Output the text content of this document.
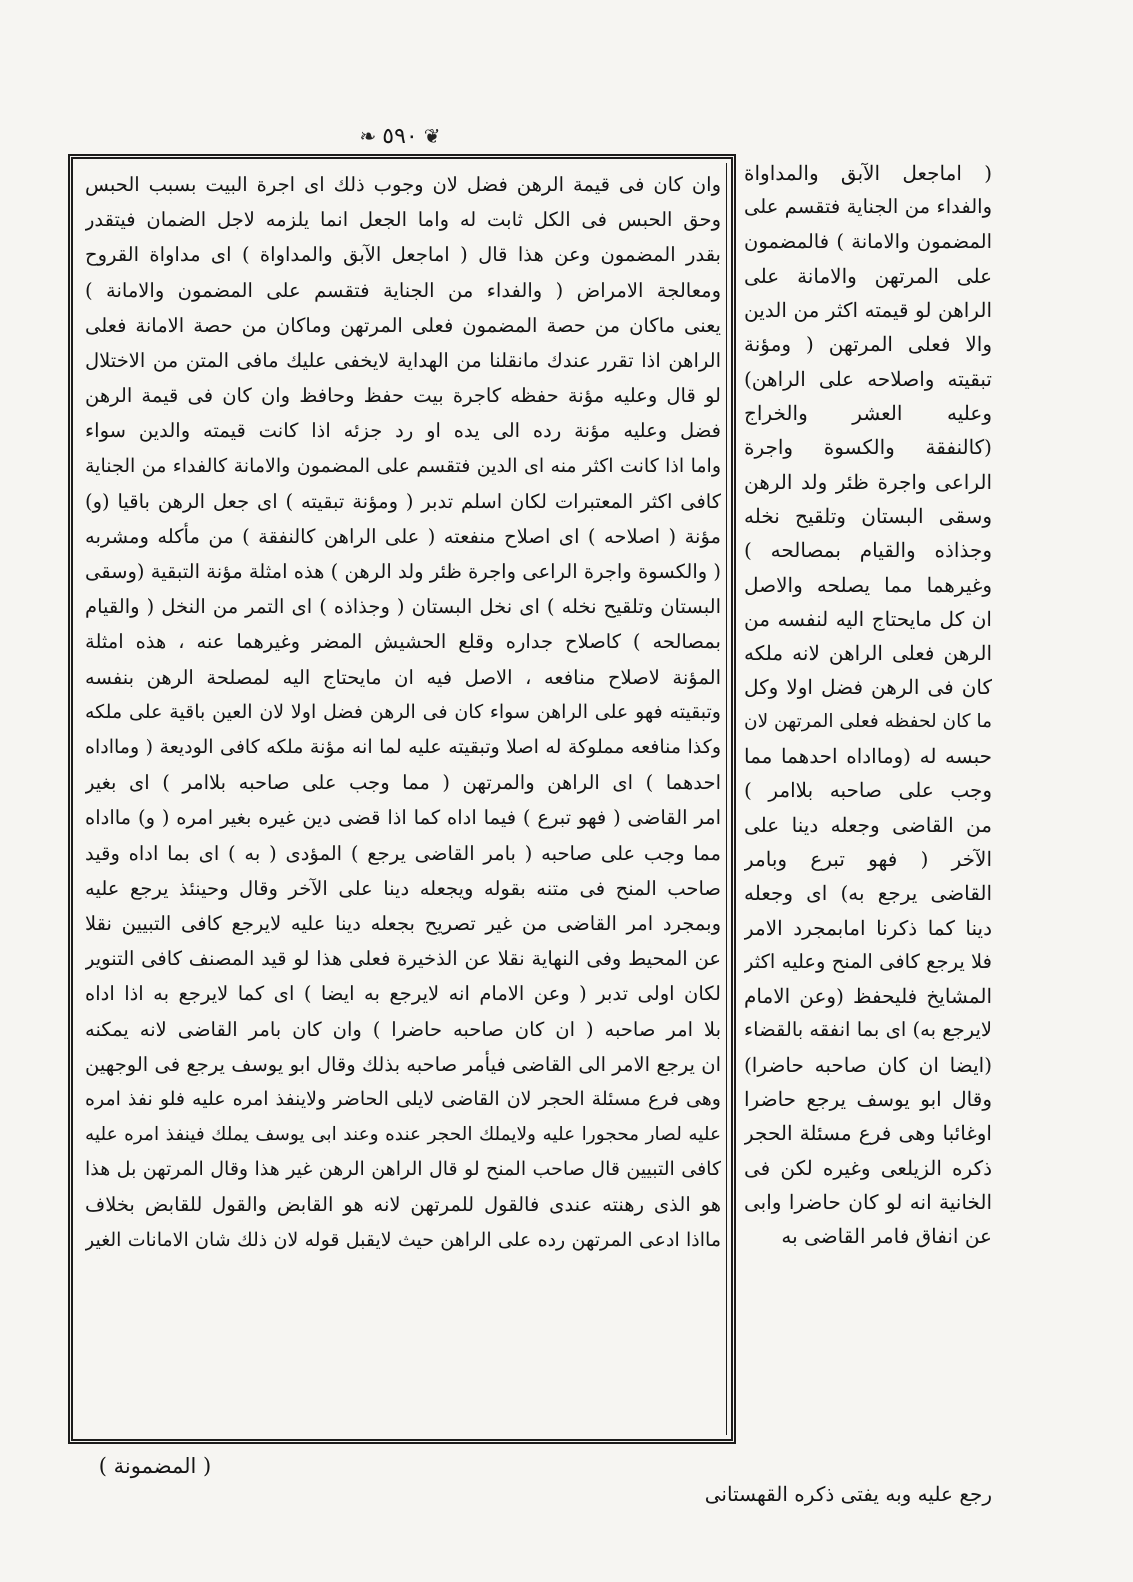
❦
٥٩٠
❧
وان كان فى قيمة الرهن فضل لان وجوب ذلك اى اجرة البيت بسبب الحبس
وحق الحبس فى الكل ثابت له واما الجعل انما يلزمه لاجل الضمان فيتقدر
بقدر المضمون وعن هذا قال ( اماجعل الآبق والمداواة ) اى مداواة القروح
ومعالجة الامراض ( والفداء من الجناية فتقسم على المضمون والامانة )
يعنى ماكان من حصة المضمون فعلى المرتهن وماكان من حصة الامانة فعلى
الراهن اذا تقرر عندك مانقلنا من الهداية لايخفى عليك مافى المتن من الاختلال
لو قال وعليه مؤنة حفظه كاجرة بيت حفظ وحافظ وان كان فى قيمة الرهن
فضل وعليه مؤنة رده الى يده او رد جزئه اذا كانت قيمته والدين سواء
واما اذا كانت اكثر منه اى الدين فتقسم على المضمون والامانة كالفداء من الجناية
كافى اكثر المعتبرات لكان اسلم تدبر ( ومؤنة تبقيته ) اى جعل الرهن باقيا (و)
مؤنة ( اصلاحه ) اى اصلاح منفعته ( على الراهن كالنفقة ) من مأكله ومشربه
( والكسوة واجرة الراعى واجرة ظئر ولد الرهن ) هذه امثلة مؤنة التبقية (وسقى
البستان وتلقيح نخله ) اى نخل البستان ( وجذاذه ) اى التمر من النخل ( والقيام
بمصالحه ) كاصلاح جداره وقلع الحشيش المضر وغيرهما عنه ، هذه امثلة
المؤنة لاصلاح منافعه ، الاصل فيه ان مايحتاج اليه لمصلحة الرهن بنفسه
وتبقيته فهو على الراهن سواء كان فى الرهن فضل اولا لان العين باقية على ملكه
وكذا منافعه مملوكة له اصلا وتبقيته عليه لما انه مؤنة ملكه كافى الوديعة ( ومااداه
احدهما ) اى الراهن والمرتهن ( مما وجب على صاحبه بلاامر ) اى بغير
امر القاضى ( فهو تبرع ) فيما اداه كما اذا قضى دين غيره بغير امره ( و) مااداه
مما وجب على صاحبه ( بامر القاضى يرجع ) المؤدى ( به ) اى بما اداه وقيد
صاحب المنح فى متنه بقوله ويجعله دينا على الآخر وقال وحينئذ يرجع عليه
وبمجرد امر القاضى من غير تصريح بجعله دينا عليه لايرجع كافى التبيين نقلا
عن المحيط وفى النهاية نقلا عن الذخيرة فعلى هذا لو قيد المصنف كافى التنوير
لكان اولى تدبر ( وعن الامام انه لايرجع به ايضا ) اى كما لايرجع به اذا اداه
بلا امر صاحبه ( ان كان صاحبه حاضرا ) وان كان بامر القاضى لانه يمكنه
ان يرجع الامر الى القاضى فيأمر صاحبه بذلك وقال ابو يوسف يرجع فى الوجهين
وهى فرع مسئلة الحجر لان القاضى لايلى الحاضر ولاينفذ امره عليه فلو نفذ امره
عليه لصار محجورا عليه ولايملك الحجر عنده وعند ابى يوسف يملك فينفذ امره عليه
كافى التبيين قال صاحب المنح لو قال الراهن الرهن غير هذا وقال المرتهن بل هذا
هو الذى رهنته عندى فالقول للمرتهن لانه هو القابض والقول للقابض بخلاف
مااذا ادعى المرتهن رده على الراهن حيث لايقبل قوله لان ذلك شان الامانات الغير
( اماجعل الآبق والمداواة
والفداء من الجناية فتقسم على
المضمون والامانة ) فالمضمون
على المرتهن والامانة على
الراهن لو قيمته اكثر من الدين
والا فعلى المرتهن ( ومؤنة
تبقيته واصلاحه على الراهن)
وعليه العشر والخراج
(كالنفقة والكسوة واجرة
الراعى واجرة ظئر ولد الرهن
وسقى البستان وتلقيح نخله
وجذاذه والقيام بمصالحه )
وغيرهما مما يصلحه والاصل
ان كل مايحتاج اليه لنفسه من
الرهن فعلى الراهن لانه ملكه
كان فى الرهن فضل اولا وكل
ما كان لحفظه فعلى المرتهن لان
حبسه له (ومااداه احدهما مما
وجب على صاحبه بلاامر )
من القاضى وجعله دينا على
الآخر ( فهو تبرع وبامر
القاضى يرجع به) اى وجعله
دينا كما ذكرنا امابمجرد الامر
فلا يرجع كافى المنح وعليه اكثر
المشايخ فليحفظ (وعن الامام
لايرجع به) اى بما انفقه بالقضاء
(ايضا ان كان صاحبه حاضرا)
وقال ابو يوسف يرجع حاضرا
اوغائبا وهى فرع مسئلة الحجر
ذكره الزيلعى وغيره لكن فى
الخانية انه لو كان حاضرا وابى
عن انفاق فامر القاضى به
رجع عليه وبه يفتى ذكره القهستانى
( المضمونة )
